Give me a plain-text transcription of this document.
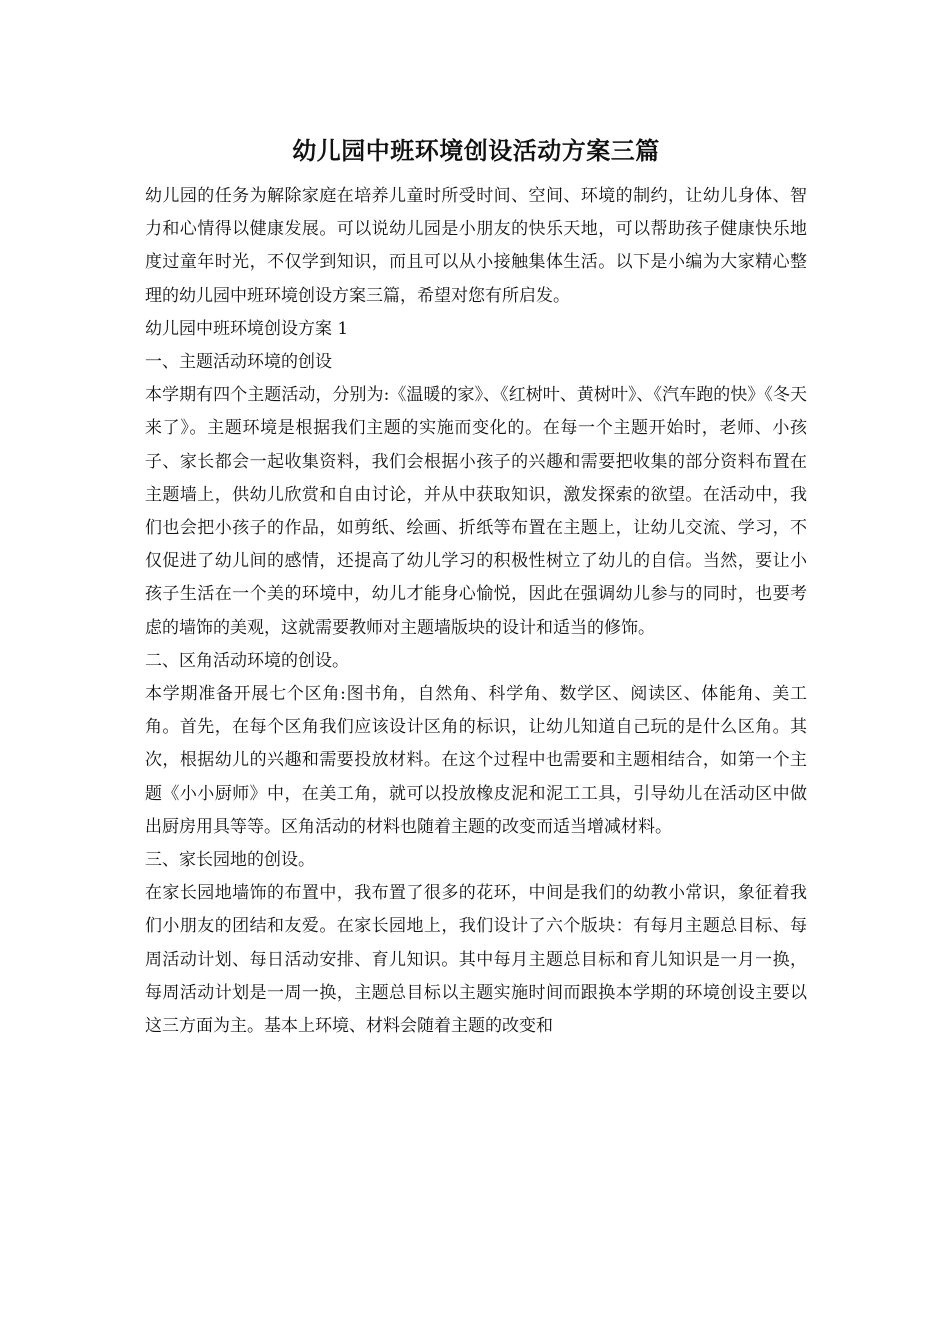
幼儿园中班环境创设活动方案三篇

幼儿园的任务为解除家庭在培养儿童时所受时间、空间、环境的制约，让幼儿身体、智力和心情得以健康发展。可以说幼儿园是小朋友的快乐天地，可以帮助孩子健康快乐地度过童年时光，不仅学到知识，而且可以从小接触集体生活。以下是小编为大家精心整理的幼儿园中班环境创设方案三篇，希望对您有所启发。

幼儿园中班环境创设方案 1

一、主题活动环境的创设

本学期有四个主题活动，分别为:《温暖的家》、《红树叶、黄树叶》、《汽车跑的快》《冬天来了》。主题环境是根据我们主题的实施而变化的。在每一个主题开始时，老师、小孩子、家长都会一起收集资料，我们会根据小孩子的兴趣和需要把收集的部分资料布置在主题墙上，供幼儿欣赏和自由讨论，并从中获取知识，激发探索的欲望。在活动中，我们也会把小孩子的作品，如剪纸、绘画、折纸等布置在主题上，让幼儿交流、学习，不仅促进了幼儿间的感情，还提高了幼儿学习的积极性树立了幼儿的自信。当然，要让小孩子生活在一个美的环境中，幼儿才能身心愉悦，因此在强调幼儿参与的同时，也要考虑的墙饰的美观，这就需要教师对主题墙版块的设计和适当的修饰。

二、区角活动环境的创设。

本学期准备开展七个区角:图书角，自然角、科学角、数学区、阅读区、体能角、美工角。首先，在每个区角我们应该设计区角的标识，让幼儿知道自己玩的是什么区角。其次，根据幼儿的兴趣和需要投放材料。在这个过程中也需要和主题相结合，如第一个主题《小小厨师》中，在美工角，就可以投放橡皮泥和泥工工具，引导幼儿在活动区中做出厨房用具等等。区角活动的材料也随着主题的改变而适当增减材料。

三、家长园地的创设。

在家长园地墙饰的布置中，我布置了很多的花环，中间是我们的幼教小常识，象征着我们小朋友的团结和友爱。在家长园地上，我们设计了六个版块：有每月主题总目标、每周活动计划、每日活动安排、育儿知识。其中每月主题总目标和育儿知识是一月一换，每周活动计划是一周一换，主题总目标以主题实施时间而跟换本学期的环境创设主要以这三方面为主。基本上环境、材料会随着主题的改变和
